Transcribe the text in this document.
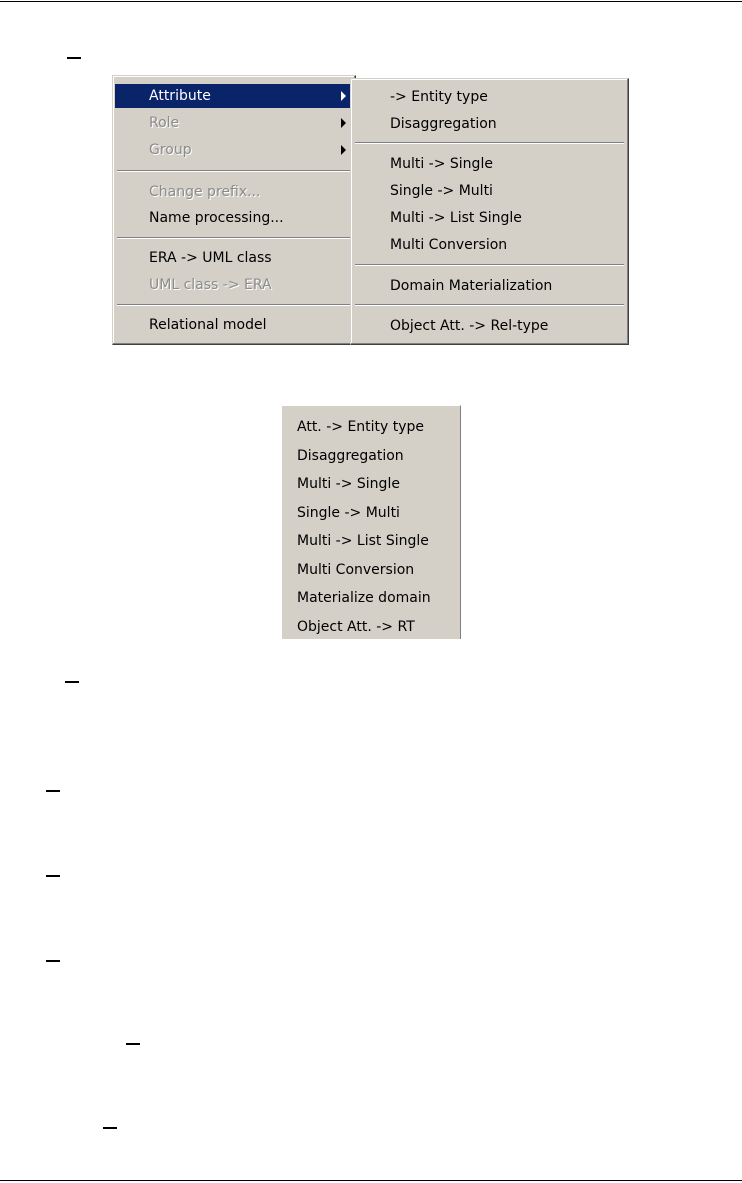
Attribute
Role
Group
Change prefix...
Name processing...
ERA -> UML class
UML class -> ERA
Relational model
-> Entity type
Disaggregation
Multi -> Single
Single -> Multi
Multi -> List Single
Multi Conversion
Domain Materialization
Object Att. -> Rel-type
Att. -> Entity type
Disaggregation
Multi -> Single
Single -> Multi
Multi -> List Single
Multi Conversion
Materialize domain
Object Att. -> RT
